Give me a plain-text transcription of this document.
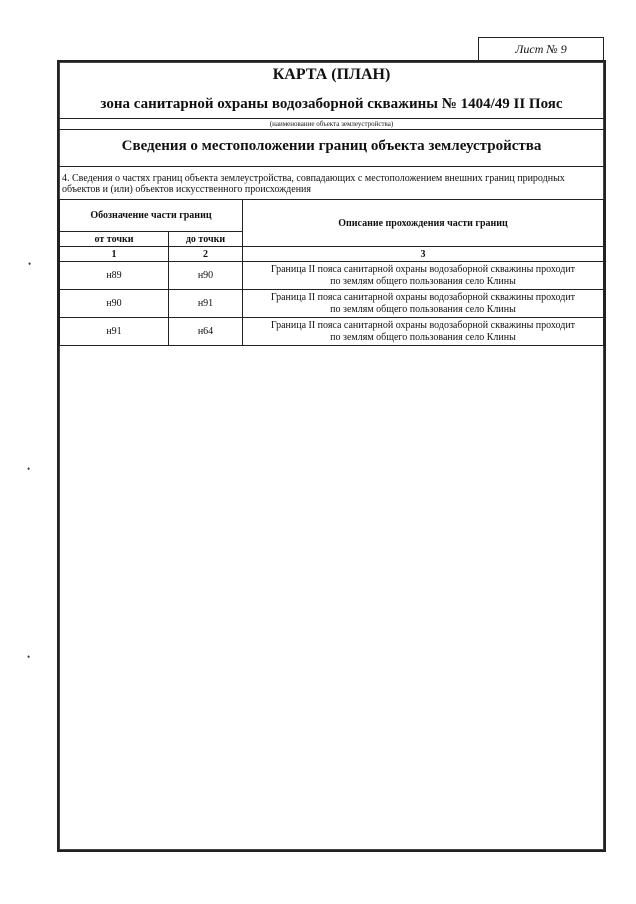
Лист № 9
КАРТА (ПЛАН)
зона санитарной охраны водозаборной скважины № 1404/49 II Пояс
(наименование объекта землеустройства)
Сведения о местоположении границ объекта землеустройства
4. Сведения о частях границ объекта землеустройства, совпадающих с местоположением внешних границ природных объектов и (или) объектов искусственного происхождения
Обозначение части границ		Описание прохождения части границ
от точки	до точки	
1	2	3
н89	н90	Граница II пояса санитарной охраны водозаборной скважины проходит
по землям общего пользования село Клины
н90	н91	Граница II пояса санитарной охраны водозаборной скважины проходит
по землям общего пользования село Клины
н91	н64	Граница II пояса санитарной охраны водозаборной скважины проходит
по землям общего пользования село Клины
•
•
•
